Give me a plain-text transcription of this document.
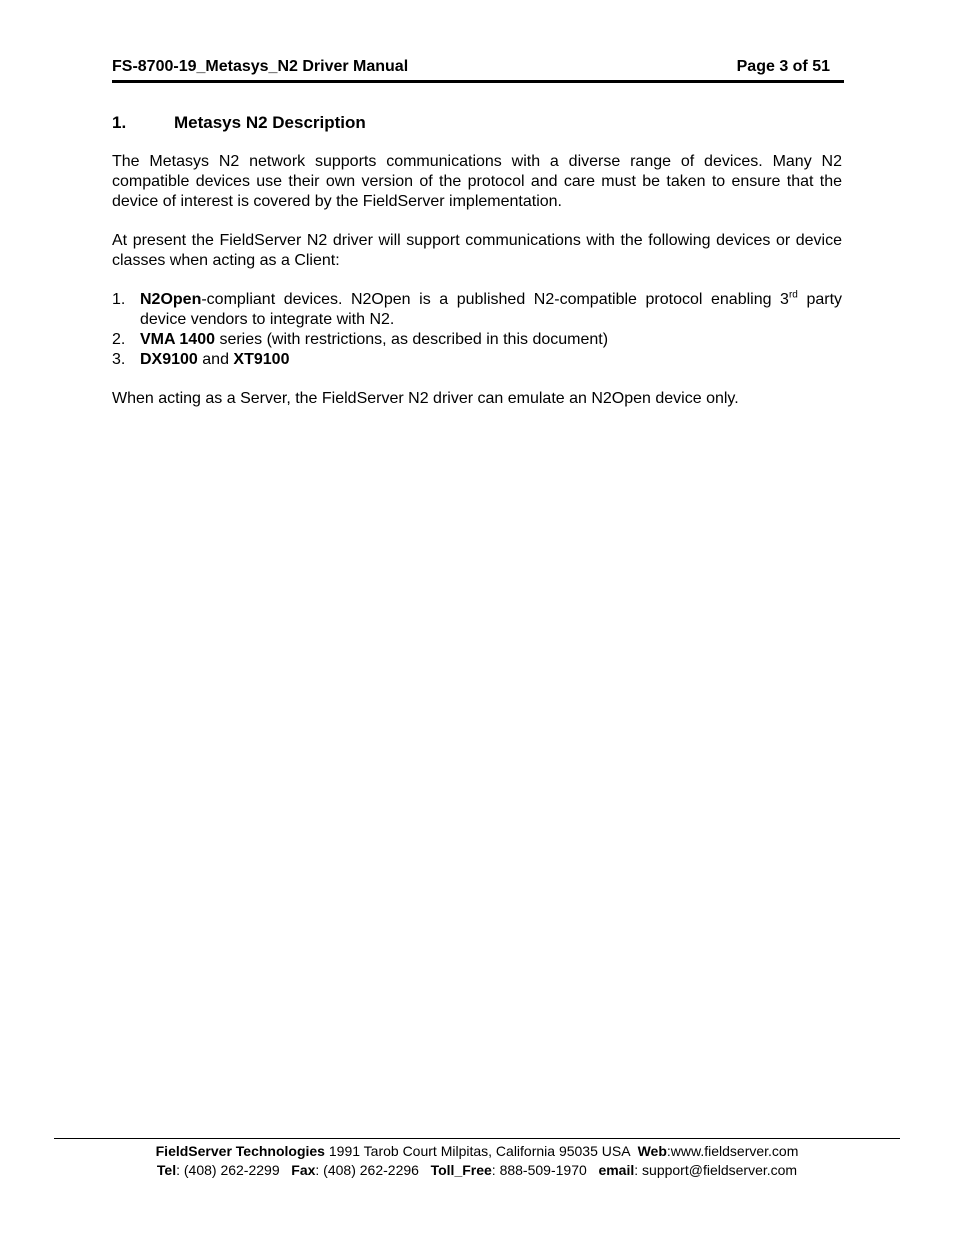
FS-8700-19_Metasys_N2 Driver Manual	Page 3 of 51
1.	Metasys N2 Description
The Metasys N2 network supports communications with a diverse range of devices. Many N2 compatible devices use their own version of the protocol and care must be taken to ensure that the device of interest is covered by the FieldServer implementation.
At present the FieldServer N2 driver will support communications with the following devices or device classes when acting as a Client:
1. N2Open-compliant devices. N2Open is a published N2-compatible protocol enabling 3rd party device vendors to integrate with N2.
2. VMA 1400 series (with restrictions, as described in this document)
3. DX9100 and XT9100
When acting as a Server, the FieldServer N2 driver can emulate an N2Open device only.
FieldServer Technologies 1991 Tarob Court Milpitas, California 95035 USA  Web:www.fieldserver.com
Tel: (408) 262-2299   Fax: (408) 262-2296   Toll_Free: 888-509-1970   email: support@fieldserver.com
